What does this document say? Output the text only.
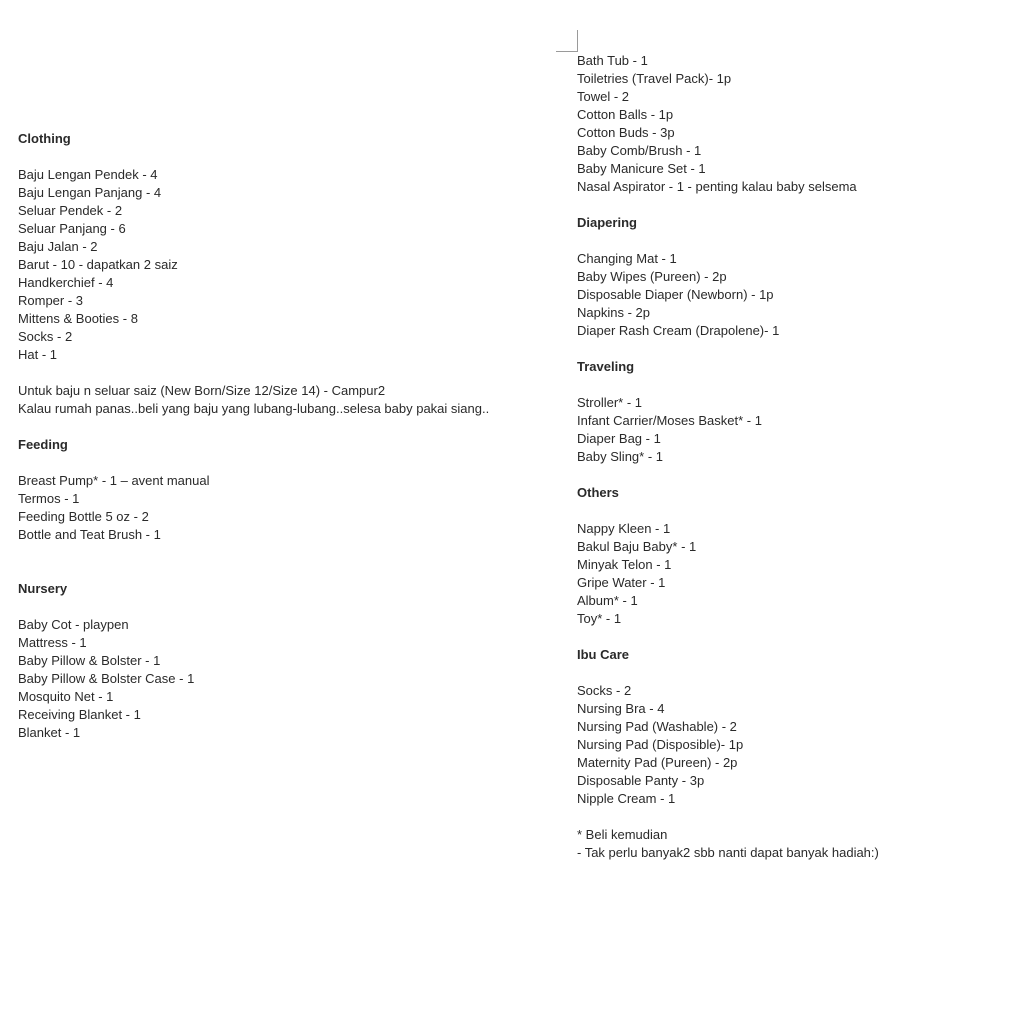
Clothing
Baju Lengan Pendek - 4
Baju Lengan Panjang - 4
Seluar Pendek - 2
Seluar Panjang - 6
Baju Jalan - 2
Barut - 10 - dapatkan 2 saiz
Handkerchief - 4
Romper - 3
Mittens & Booties - 8
Socks - 2
Hat - 1
Untuk baju n seluar saiz (New Born/Size 12/Size 14) - Campur2
Kalau rumah panas..beli yang baju yang lubang-lubang..selesa baby pakai siang..
Feeding
Breast Pump* - 1 – avent manual
Termos - 1
Feeding Bottle 5 oz - 2
Bottle and Teat Brush - 1
Nursery
Baby Cot - playpen
Mattress - 1
Baby Pillow & Bolster - 1
Baby Pillow & Bolster Case - 1
Mosquito Net - 1
Receiving Blanket - 1
Blanket - 1
Bath Tub - 1
Toiletries (Travel Pack)- 1p
Towel - 2
Cotton Balls - 1p
Cotton Buds - 3p
Baby Comb/Brush - 1
Baby Manicure Set - 1
Nasal Aspirator - 1 - penting kalau baby selsema
Diapering
Changing Mat - 1
Baby Wipes (Pureen) - 2p
Disposable Diaper (Newborn) - 1p
Napkins - 2p
Diaper Rash Cream (Drapolene)- 1
Traveling
Stroller* - 1
Infant Carrier/Moses Basket* - 1
Diaper Bag - 1
Baby Sling* - 1
Others
Nappy Kleen - 1
Bakul Baju Baby* - 1
Minyak Telon - 1
Gripe Water - 1
Album* - 1
Toy* - 1
Ibu Care
Socks - 2
Nursing Bra - 4
Nursing Pad (Washable) - 2
Nursing Pad (Disposible)- 1p
Maternity Pad (Pureen) - 2p
Disposable Panty - 3p
Nipple Cream - 1
* Beli kemudian
- Tak perlu banyak2 sbb nanti dapat banyak hadiah:)
